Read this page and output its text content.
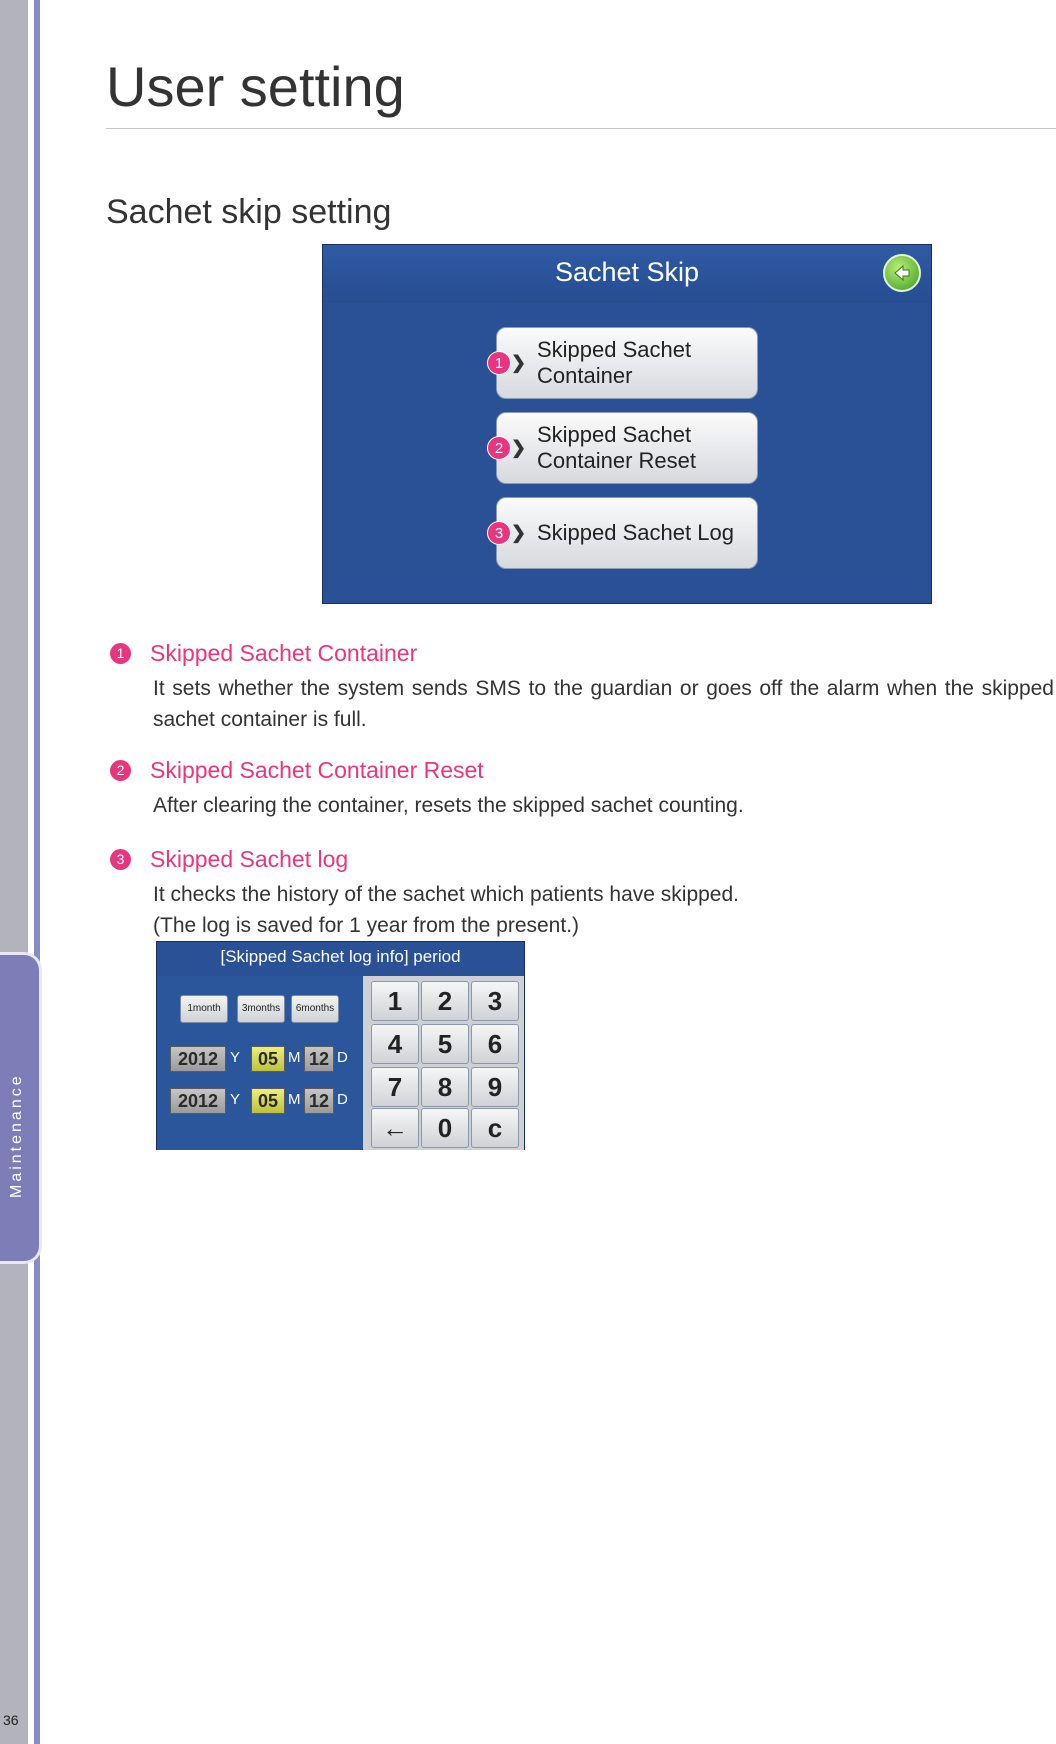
Maintenance
36
User setting
Sachet skip setting
Sachet Skip
❯
Skipped Sachet Container
1
❯
Skipped Sachet Container Reset
2
❯ Skipped Sachet Log
3
1 Skipped Sachet Container
It sets whether the system sends SMS to the guardian or goes off the alarm when the skipped sachet container is full.
2 Skipped Sachet Container Reset
After clearing the container, resets the skipped sachet counting.
3 Skipped Sachet log
It checks the history of the sachet which patients have skipped.
(The log is saved for 1 year from the present.)
[Skipped Sachet log info] period
1month	3months	6months
2012 Y 05 M 12 D
2012 Y 05 M 12 D
1	2	3
4	5	6
7	8	9
←	0	c
